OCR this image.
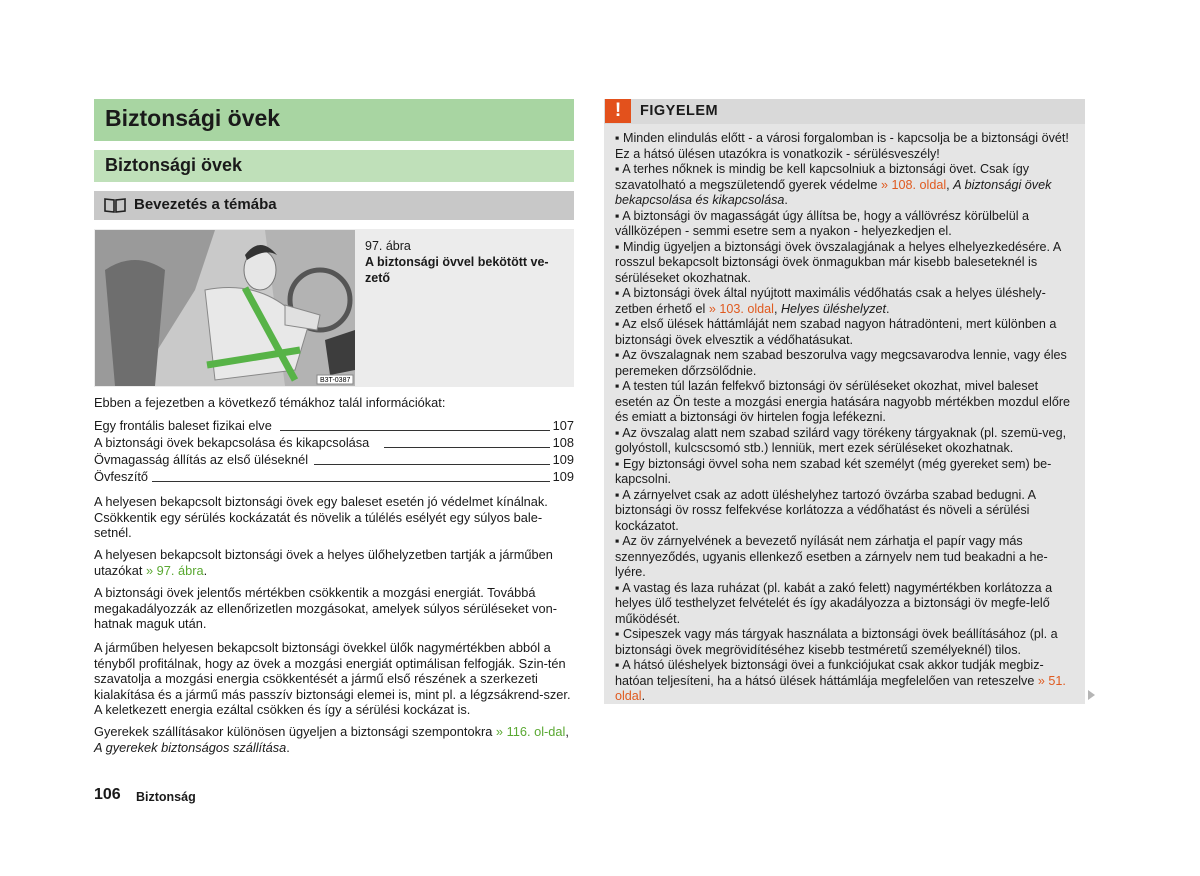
Biztonsági övek
Biztonsági övek
Bevezetés a témába
B3T-0387
97. ábra
A biztonsági övvel bekötött ve-zető
Ebben a fejezetben a következő témákhoz talál információkat:
Egy frontális baleset fizikai elve	107
A biztonsági övek bekapcsolása és kikapcsolása	108
Övmagasság állítás az első üléseknél	109
Övfeszítő	109
A helyesen bekapcsolt biztonsági övek egy baleset esetén jó védelmet kínálnak. Csökkentik egy sérülés kockázatát és növelik a túlélés esélyét egy súlyos bale-setnél.
A helyesen bekapcsolt biztonsági övek a helyes ülőhelyzetben tartják a járműben utazókat » 97. ábra.
A biztonsági övek jelentős mértékben csökkentik a mozgási energiát. Továbbá megakadályozzák az ellenőrizetlen mozgásokat, amelyek súlyos sérüléseket von-hatnak maguk után.
A járműben helyesen bekapcsolt biztonsági övekkel ülők nagymértékben abból a tényből profitálnak, hogy az övek a mozgási energiát optimálisan felfogják. Szin-tén szavatolja a mozgási energia csökkentését a jármű első részének a szerkezeti kialakítása és a jármű más passzív biztonsági elemei is, mint pl. a légzsákrend-szer. A keletkezett energia ezáltal csökken és így a sérülési kockázat is.
Gyerekek szállításakor különösen ügyeljen a biztonsági szempontokra » 116. ol-dal, A gyerekek biztonságos szállítása.
106 Biztonság
!	FIGYELEM

▪ Minden elindulás előtt - a városi forgalomban is - kapcsolja be a biztonsági övét! Ez a hátsó ülésen utazókra is vonatkozik - sérülésveszély!

▪ A terhes nőknek is mindig be kell kapcsolniuk a biztonsági övet. Csak így szavatolható a megszületendő gyerek védelme » 108. oldal, A biztonsági övek bekapcsolása és kikapcsolása.

▪ A biztonsági öv magasságát úgy állítsa be, hogy a vállövrész körülbelül a vállközépen - semmi esetre sem a nyakon - helyezkedjen el.

▪ Mindig ügyeljen a biztonsági övek övszalagjának a helyes elhelyezkedésére. A rosszul bekapcsolt biztonsági övek önmagukban már kisebb baleseteknél is sérüléseket okozhatnak.

▪ A biztonsági övek által nyújtott maximális védőhatás csak a helyes üléshely-zetben érhető el » 103. oldal, Helyes üléshelyzet.

▪ Az első ülések háttámláját nem szabad nagyon hátradönteni, mert különben a biztonsági övek elvesztik a védőhatásukat.

▪ Az övszalagnak nem szabad beszorulva vagy megcsavarodva lennie, vagy éles peremeken dőrzsölődnie.

▪ A testen túl lazán felfekvő biztonsági öv sérüléseket okozhat, mivel baleset esetén az Ön teste a mozgási energia hatására nagyobb mértékben mozdul előre és emiatt a biztonsági öv hirtelen fogja lefékezni.

▪ Az övszalag alatt nem szabad szilárd vagy törékeny tárgyaknak (pl. szemü-veg, golyóstoll, kulcscsomó stb.) lenniük, mert ezek sérüléseket okozhatnak.

▪ Egy biztonsági övvel soha nem szabad két személyt (még gyereket sem) be-kapcsolni.

▪ A zárnyelvet csak az adott üléshelyhez tartozó övzárba szabad bedugni. A biztonsági öv rossz felfekvése korlátozza a védőhatást és növeli a sérülési kockázatot.

▪ Az öv zárnyelvének a bevezető nyílását nem zárhatja el papír vagy más szennyeződés, ugyanis ellenkező esetben a zárnyelv nem tud beakadni a he-lyére.

▪ A vastag és laza ruházat (pl. kabát a zakó felett) nagymértékben korlátozza a helyes ülő testhelyzet felvételét és így akadályozza a biztonsági öv megfe-lelő működését.

▪ Csipeszek vagy más tárgyak használata a biztonsági övek beállításához (pl. a biztonsági övek megrövidítéséhez kisebb testméretű személyeknél) tilos.

▪ A hátsó üléshelyek biztonsági övei a funkciójukat csak akkor tudják megbiz-hatóan teljesíteni, ha a hátsó ülések háttámlája megfelelően van reteszelve » 51. oldal.
